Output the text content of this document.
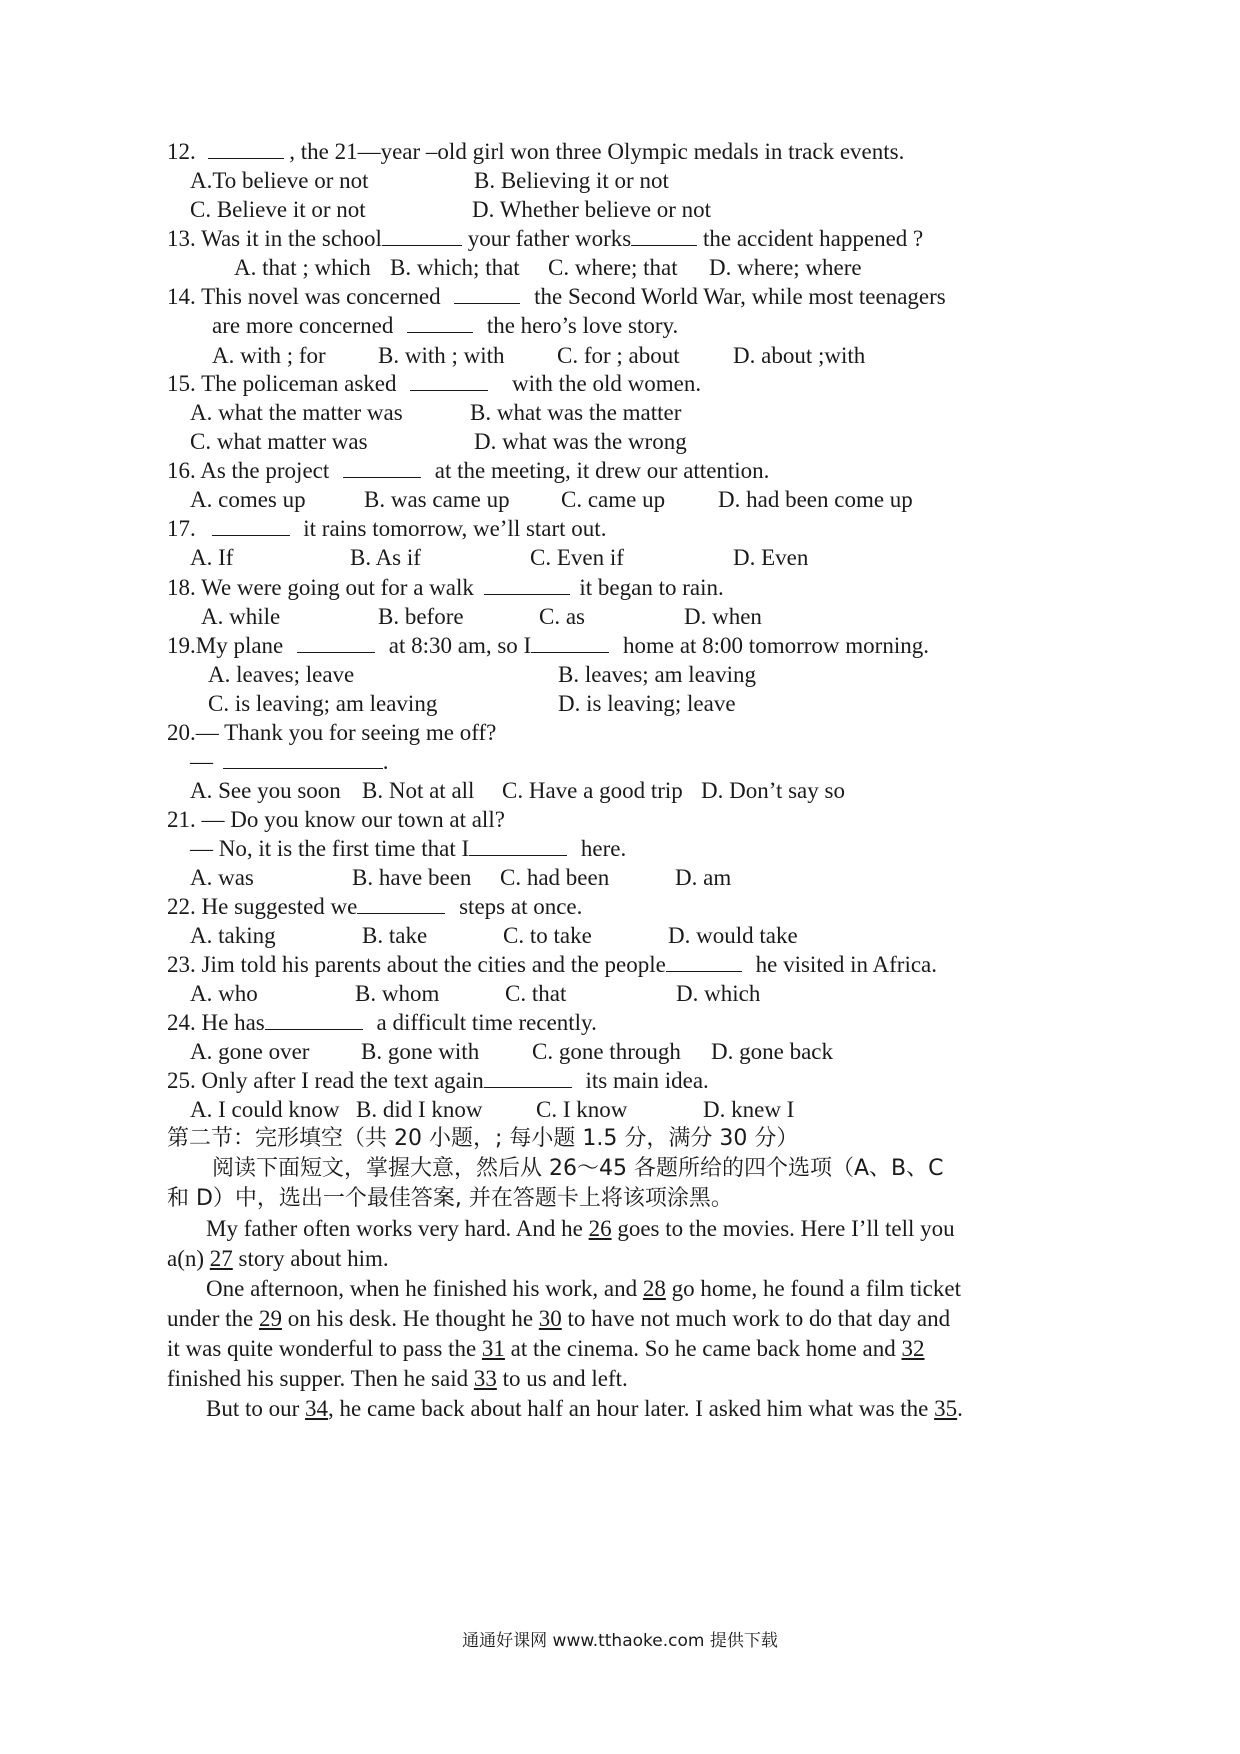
12.	, the 21—year –old girl won three Olympic medals in track events.
A.To believe or not	B. Believing it or not
C. Believe it or not	D. Whether believe or not
13. Was it in the school	your father works	the accident happened ?
A. that ; which B. which; that C. where; that D. where; where
14. This novel was concerned	the Second World War, while most teenagers
are more concerned	the hero’s love story.
A. with ; for B. with ; with C. for ; about D. about ;with
15. The policeman asked	with the old women.
A. what the matter was	B. what was the matter
C. what matter was	D. what was the wrong
16. As the project	at the meeting, it drew our attention.
A. comes up	B. was came up C. came up D. had been come up
17.	it rains tomorrow, we’ll start out.
A. If	B. As if	C. Even if	D. Even
18. We were going out for a walk	it began to rain.
A. while	B. before	C. as	D. when
19.My plane	at 8:30 am, so I	home at 8:00 tomorrow morning.
A. leaves; leave	B. leaves; am leaving
C. is leaving; am leaving	D. is leaving; leave
20.— Thank you for seeing me off?
—	.
A. See you soon B. Not at all C. Have a good trip D. Don’t say so
21. — Do you know our town at all?
— No, it is the first time that I	here.
A. was	B. have been C. had been	D. am
22. He suggested we	steps at once.
A. taking	B. take	C. to take	D. would take
23. Jim told his parents about the cities and the people	he visited in Africa.
A. who	B. whom	C. that	D. which
24. He has	a difficult time recently.
A. gone over B. gone with C. gone through D. gone back
25. Only after I read the text again	its main idea.
A. I could know B. did I know C. I know	D. knew I
第二节：完形填空（共 20 小题，; 每小题 1.5 分，满分 30 分）
阅读下面短文，掌握大意，然后从 26～45 各题所给的四个选项（A、B、C
和 D）中，选出一个最佳答案, 并在答题卡上将该项涂黑。
My father often works very hard. And he 26 goes to the movies. Here I’ll tell you
a(n) 27 story about him.
One afternoon, when he finished his work, and 28 go home, he found a film ticket
under the 29 on his desk. He thought he 30 to have not much work to do that day and
it was quite wonderful to pass the 31 at the cinema. So he came back home and 32
finished his supper. Then he said 33 to us and left.
But to our 34, he came back about half an hour later. I asked him what was the 35.
通通好课网 www.tthaoke.com 提供下载
